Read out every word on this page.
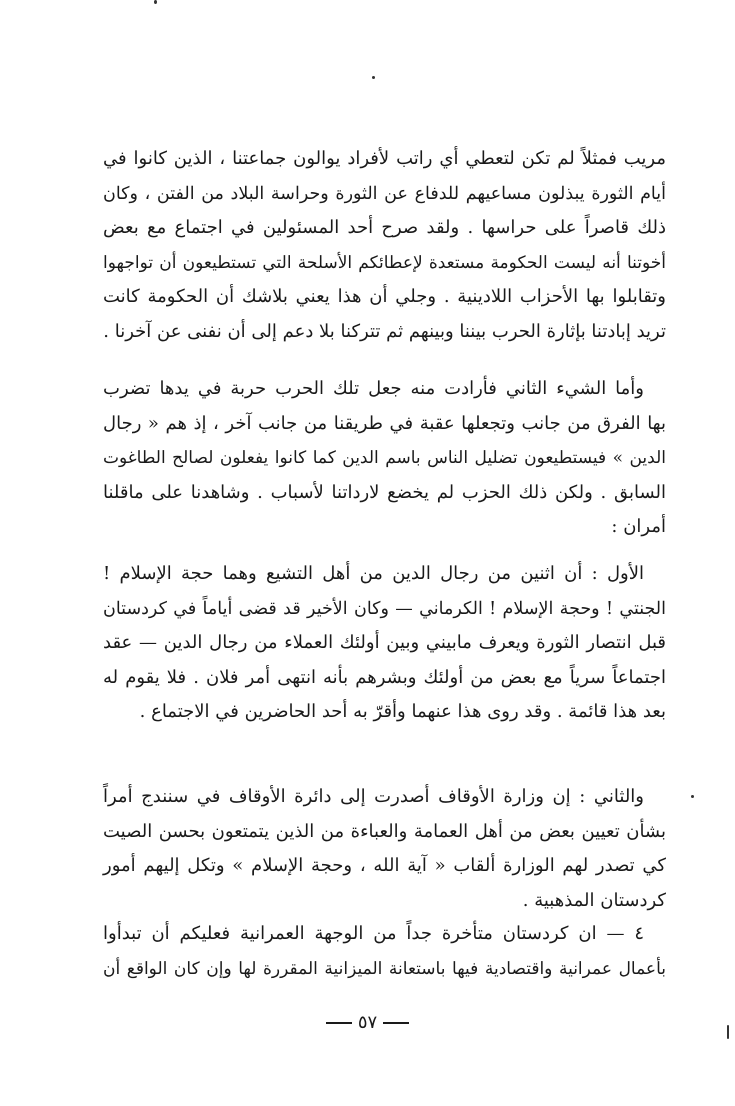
مريب فمثلاً لم تكن لتعطي أي راتب لأفراد يوالون جماعتنا ، الذين كانوا في
أيام الثورة يبذلون مساعيهم للدفاع عن الثورة وحراسة البلاد من الفتن ، وكان
ذلك قاصراً على حراسها . ولقد صرح أحد المسئولين في اجتماع مع بعض
أخوتنا أنه ليست الحكومة مستعدة لإعطائكم الأسلحة التي تستطيعون أن تواجهوا
وتقابلوا بها الأحزاب اللادينية . وجلي أن هذا يعني بلاشك أن الحكومة كانت
تريد إبادتنا بإثارة الحرب بيننا وبينهم ثم تتركنا بلا دعم إلى أن نفنى عن آخرنا .
وأما الشيء الثاني فأرادت منه جعل تلك الحرب حربة في يدها تضرب
بها الفرق من جانب وتجعلها عقبة في طريقنا من جانب آخر ، إذ هم « رجال
الدين » فيستطيعون تضليل الناس باسم الدين كما كانوا يفعلون لصالح الطاغوت
السابق . ولكن ذلك الحزب لم يخضع لارداتنا لأسباب . وشاهدنا على ماقلنا
أمران :
الأول : أن اثنين من رجال الدين من أهل التشيع وهما حجة الإسلام !
الجنتي ! وحجة الإسلام ! الكرماني — وكان الأخير قد قضى أياماً في كردستان
قبل انتصار الثورة ويعرف مابيني وبين أولئك العملاء من رجال الدين — عقد
اجتماعاً سرياً مع بعض من أولئك وبشرهم بأنه انتهى أمر فلان . فلا يقوم له
بعد هذا قائمة . وقد روى هذا عنهما وأقرّ به أحد الحاضرين في الاجتماع .
والثاني : إن وزارة الأوقاف أصدرت إلى دائرة الأوقاف في سنندج أمراً
بشأن تعيين بعض من أهل العمامة والعباءة من الذين يتمتعون بحسن الصيت
كي تصدر لهم الوزارة ألقاب « آية الله ، وحجة الإسلام » وتكل إليهم أمور
كردستان المذهبية .
٤ — ان كردستان متأخرة جداً من الوجهة العمرانية فعليكم أن تبدأوا
بأعمال عمرانية واقتصادية فيها باستعانة الميزانية المقررة لها وإن كان الواقع أن
٥٧
